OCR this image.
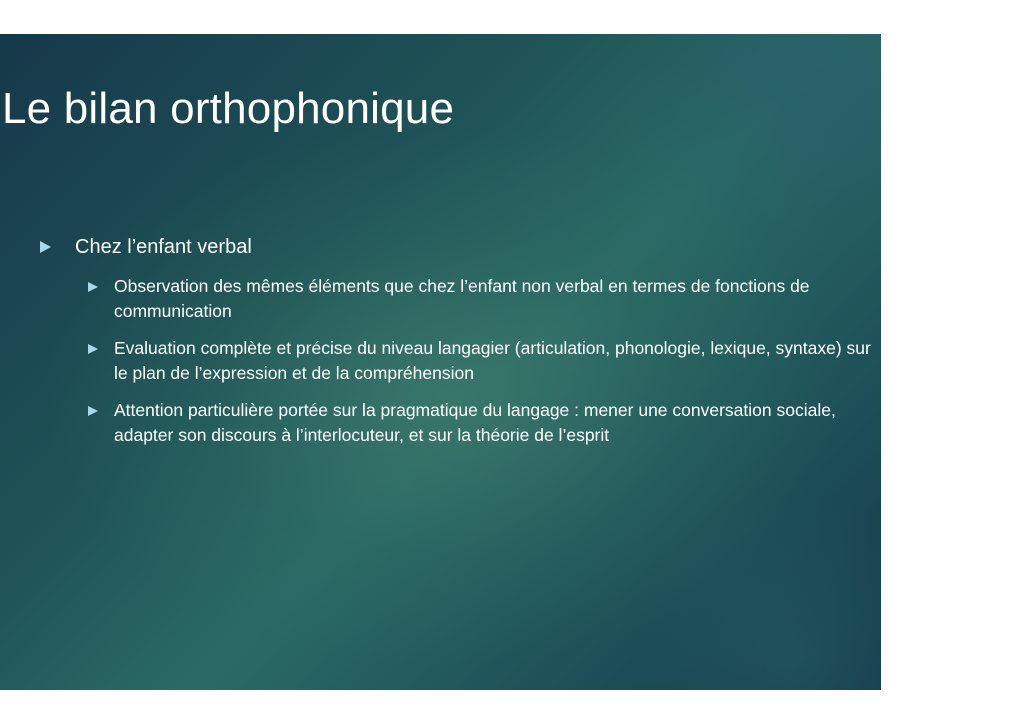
Le bilan orthophonique
Chez l’enfant verbal
Observation des mêmes éléments que chez l’enfant non verbal en termes de fonctions de communication
Evaluation complète et précise du niveau langagier (articulation, phonologie, lexique, syntaxe) sur le plan de l’expression et de la compréhension
Attention particulière portée sur la pragmatique du langage : mener une conversation sociale, adapter son discours à l’interlocuteur, et sur la théorie de l’esprit
